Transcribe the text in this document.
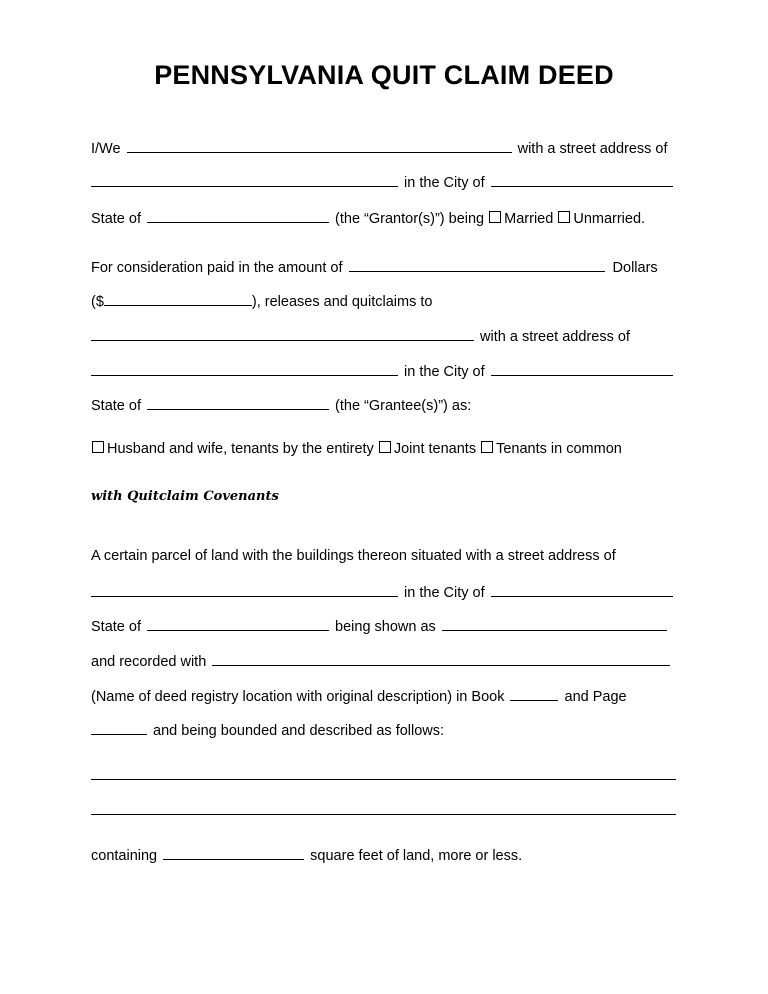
PENNSYLVANIA QUIT CLAIM DEED
I/We	with a street address of
in the City of
State of	(the “Grantor(s)”) being Married Unmarried.
For consideration paid in the amount of	Dollars
($	), releases and quitclaims to
with a street address of
in the City of
State of	(the “Grantee(s)”) as:
Husband and wife, tenants by the entirety Joint tenants Tenants in common
with Quitclaim Covenants
A certain parcel of land with the buildings thereon situated with a street address of
in the City of
State of	being shown as
and recorded with
(Name of deed registry location with original description) in Book	and Page
and being bounded and described as follows:
containing	square feet of land, more or less.
